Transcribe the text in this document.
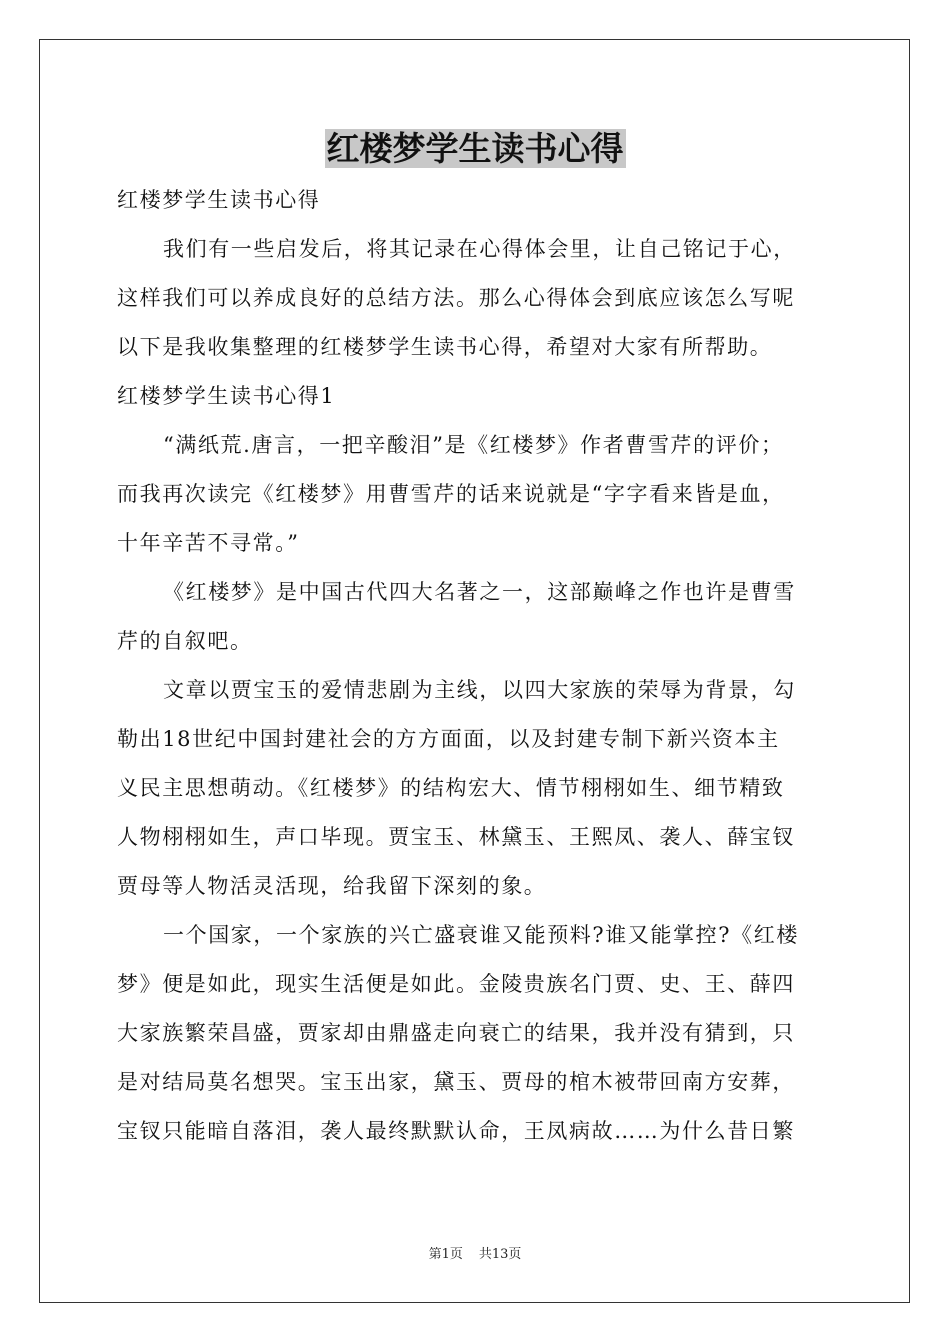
红楼梦学生读书心得

红楼梦学生读书心得

我们有一些启发后，将其记录在心得体会里，让自己铭记于心，

这样我们可以养成良好的总结方法。那么心得体会到底应该怎么写呢

以下是我收集整理的红楼梦学生读书心得，希望对大家有所帮助。

红楼梦学生读书心得1

“满纸荒.唐言，一把辛酸泪”是《红楼梦》作者曹雪芹的评价；

而我再次读完《红楼梦》用曹雪芹的话来说就是“字字看来皆是血，

十年辛苦不寻常。”

《红楼梦》是中国古代四大名著之一，这部巅峰之作也许是曹雪

芹的自叙吧。

文章以贾宝玉的爱情悲剧为主线，以四大家族的荣辱为背景，勾

勒出18世纪中国封建社会的方方面面，以及封建专制下新兴资本主

义民主思想萌动。《红楼梦》的结构宏大、情节栩栩如生、细节精致

人物栩栩如生，声口毕现。贾宝玉、林黛玉、王熙凤、袭人、薛宝钗

贾母等人物活灵活现，给我留下深刻的象。

一个国家，一个家族的兴亡盛衰谁又能预料?谁又能掌控?《红楼

梦》便是如此，现实生活便是如此。金陵贵族名门贾、史、王、薛四

大家族繁荣昌盛，贾家却由鼎盛走向衰亡的结果，我并没有猜到，只

是对结局莫名想哭。宝玉出家，黛玉、贾母的棺木被带回南方安葬，

宝钗只能暗自落泪，袭人最终默默认命，王凤病故……为什么昔日繁

第1页 共13页
